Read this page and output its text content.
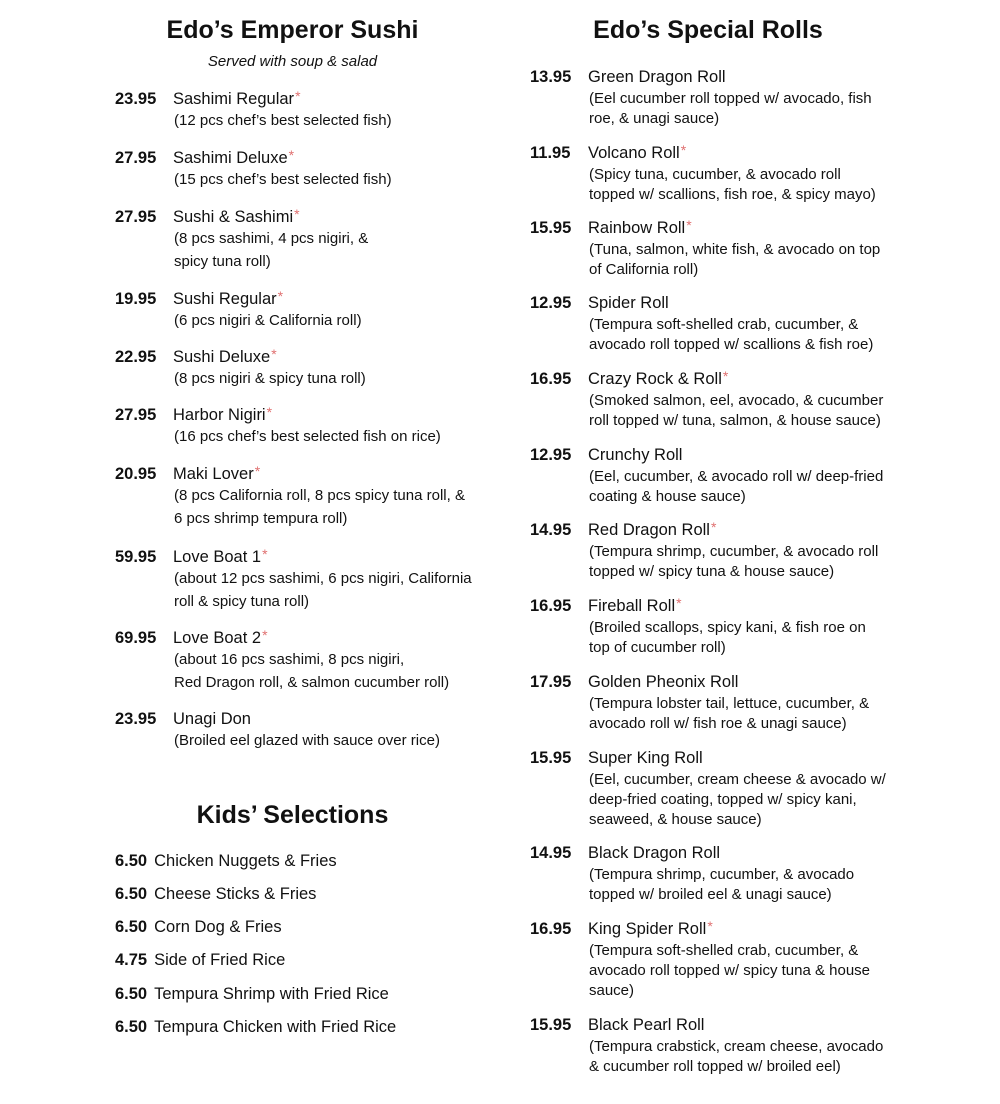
Edo’s Emperor Sushi
Served with soup & salad
23.95 Sashimi Regular*
(12 pcs chef’s best selected fish)
27.95 Sashimi Deluxe*
(15 pcs chef’s best selected fish)
27.95 Sushi & Sashimi*
(8 pcs sashimi, 4 pcs nigiri, &
spicy tuna roll)
19.95 Sushi Regular*
(6 pcs nigiri & California roll)
22.95 Sushi Deluxe*
(8 pcs nigiri & spicy tuna roll)
27.95 Harbor Nigiri*
(16 pcs chef’s best selected fish on rice)
20.95 Maki Lover*
(8 pcs California roll, 8 pcs spicy tuna roll, &
6 pcs shrimp tempura roll)
59.95 Love Boat 1*
(about 12 pcs sashimi, 6 pcs nigiri, California
roll & spicy tuna roll)
69.95 Love Boat 2*
(about 16 pcs sashimi, 8 pcs nigiri,
Red Dragon roll, & salmon cucumber roll)
23.95 Unagi Don
(Broiled eel glazed with sauce over rice)
Kids’ Selections
6.50 Chicken Nuggets & Fries
6.50 Cheese Sticks & Fries
6.50 Corn Dog & Fries
4.75 Side of Fried Rice
6.50 Tempura Shrimp with Fried Rice
6.50 Tempura Chicken with Fried Rice
Edo’s Special Rolls
13.95 Green Dragon Roll
(Eel cucumber roll topped w/ avocado, fish
roe, & unagi sauce)
11.95 Volcano Roll*
(Spicy tuna, cucumber, & avocado roll
topped w/ scallions, fish roe, & spicy mayo)
15.95 Rainbow Roll*
(Tuna, salmon, white fish, & avocado on top
of California roll)
12.95 Spider Roll
(Tempura soft-shelled crab, cucumber, &
avocado roll topped w/ scallions & fish roe)
16.95 Crazy Rock & Roll*
(Smoked salmon, eel, avocado, & cucumber
roll topped w/ tuna, salmon, & house sauce)
12.95 Crunchy Roll
(Eel, cucumber, & avocado roll w/ deep-fried
coating & house sauce)
14.95 Red Dragon Roll*
(Tempura shrimp, cucumber, & avocado roll
topped w/ spicy tuna & house sauce)
16.95 Fireball Roll*
(Broiled scallops, spicy kani, & fish roe on
top of cucumber roll)
17.95 Golden Pheonix Roll
(Tempura lobster tail, lettuce, cucumber, &
avocado roll w/ fish roe & unagi sauce)
15.95 Super King Roll
(Eel, cucumber, cream cheese & avocado w/
deep-fried coating, topped w/ spicy kani,
seaweed, & house sauce)
14.95 Black Dragon Roll
(Tempura shrimp, cucumber, & avocado
topped w/ broiled eel & unagi sauce)
16.95 King Spider Roll*
(Tempura soft-shelled crab, cucumber, &
avocado roll topped w/ spicy tuna & house
sauce)
15.95 Black Pearl Roll
(Tempura crabstick, cream cheese, avocado
& cucumber roll topped w/ broiled eel)
